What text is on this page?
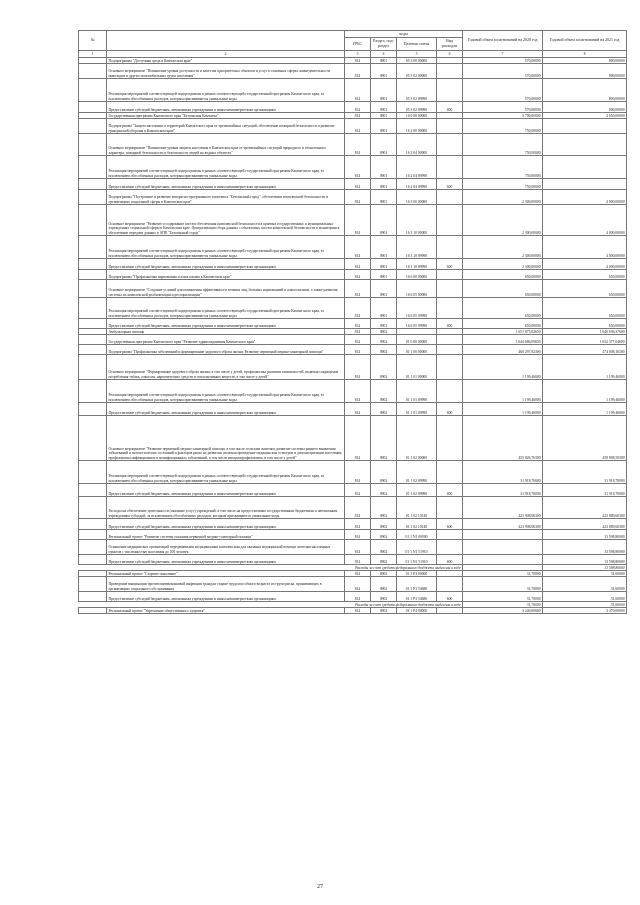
№		коды				Годовой объем ассигнований на 2020 год	Годовой объем ассигнований на 2021 год
		ГРБС	Раздел, под-раздел	Целевая статья	Вид расходов		
1	2	3	4	5	6	7	8
	Подпрограмма "Доступная среда в Камчатском крае"	814	0901	05 3 00 00000		570,00000	800,00000
	Основное мероприятие "Повышение уровня доступности и качества приоритетных объектов и услуг в основных сферах жизнедеятельности инвалидов и других маломобильных групп населения"	814	0901	05 3 02 00000		570,00000	800,00000
	Реализация мероприятий соответствующей подпрограммы в рамках соответствующей государственной программы Камчатского края, за исключением обособленных расходов, которым присваиваются уникальные коды	814	0901	05 3 02 09990		570,00000	800,00000
	Предоставление субсидий бюджетным, автономным учреждениям и иным некоммерческим организациям	814	0901	05 3 02 09990	600	570,00000	800,00000
	Государственная программа Камчатского края "Безопасная Камчатка"	814	0901	16 0 00 00000		3 700,00000	4 650,00000
	Подпрограмма "Защита населения и территорий Камчатского края от чрезвычайных ситуаций, обеспечение пожарной безопасности и развитие гражданской обороны в Камчатском крае"	814	0901	16 2 00 00000		750,00000	
	Основное мероприятие "Повышение уровня защиты населения в Камчатском крае от чрезвычайных ситуаций природного и техногенного характера, пожарной безопасности и безопасности людей на водных объектах"	814	0901	16 2 04 00000		750,00000	
	Реализация мероприятий соответствующей подпрограммы в рамках соответствующей государственной программы Камчатского края, за исключением обособленных расходов, которым присваиваются уникальные коды	814	0901	16 2 04 09990		750,00000	
	Предоставление субсидий бюджетным, автономным учреждениям и иным некоммерческим организациям	814	0901	16 2 04 09990	600	750,00000	
	Подпрограмма "Построение и развитие аппаратно-программного комплекса "Безопасный город", обеспечение комплексной безопасности в организациях социальной сферы в Камчатском крае"	814	0901	16 3 00 00000		2 300,00000	4 000,00000
	Основное мероприятие "Развитие и содержание систем обеспечения комплексной безопасности в краевых государственных и муниципальных учреждениях социальной сферы в Камчатском крае. Централизация сбора данных с объектовых систем комплексной безопасности и мониторинга, обеспечение передачи данных в АПК "Безопасный город"	814	0901	16 3 10 00000		2 300,00000	4 000,00000
	Реализация мероприятий соответствующей подпрограммы в рамках соответствующей государственной программы Камчатского края, за исключением обособленных расходов, которым присваиваются уникальные коды	814	0901	16 3 10 09990		2 300,00000	4 000,00000
	Предоставление субсидий бюджетным, автономным учреждениям и иным некоммерческим организациям	814	0901	16 3 10 09990	600	2 300,00000	4 000,00000
	Подпрограмма "Профилактика наркомании и алкоголизма в Камчатском крае"	814	0901	16 6 00 00000		650,00000	650,00000
	Основное мероприятие "Создание условий для повышения эффективности лечения лиц, больных наркоманией и алкоголизмом, а также развития системы их комплексной реабилитации и ресоциализации"	814	0901	16 6 05 00000		650,00000	650,00000
	Реализация мероприятий соответствующей подпрограммы в рамках соответствующей государственной программы Камчатского края, за исключением обособленных расходов, которым присваиваются уникальные коды	814	0901	16 6 05 09990		650,00000	650,00000
	Предоставление субсидий бюджетным, автономным учреждениям и иным некоммерческим организациям	814	0901	16 6 05 09990	600	650,00000	650,00000
	Амбулаторная помощь	814	0902			1 651 875,02650	1 640 036,37600
	Государственная программа Камчатского края "Развитие здравоохранения Камчатского края"	814	0902	01 0 00 00000		1 644 686,09650	1 632 377,04600
	Подпрограмма "Профилактика заболеваний и формирование здорового образа жизни. Развитие первичной медико-санитарной помощи"	814	0902	01 1 00 00000		460 297,92300	474 008,16300
	Основное мероприятие "Формирование здорового образа жизни, в том числе у детей, профилактика развития зависимостей, включая сокращение потребления табака, алкоголя, наркотических средств и психоактивных веществ, в том числе у детей"	814	0902	01 1 01 00000		1 199,46000	1 199,46000
	Реализация мероприятий соответствующей подпрограммы в рамках соответствующей государственной программы Камчатского края, за исключением обособленных расходов, которым присваиваются уникальные коды	814	0902	01 1 01 09990		1 199,46000	1 199,46000
	Предоставление субсидий бюджетным, автономным учреждениям и иным некоммерческим организациям	814	0902	01 1 01 09990	600	1 199,46000	1 199,46000
	Основное мероприятие "Развитие первичной медико-санитарной помощи, в том числе сельским жителям, развитие системы раннего выявления заболеваний и патологических состояний и факторов риска их развития, включая проведение медицинских осмотров и диспансеризации населения, профилактика инфекционных и неинфекционных заболеваний, в том числе иммунопрофилактика, в том числе у детей"	814	0902	01 1 02 00000		455 826,76300	458 808,50300
	Реализация мероприятий соответствующей подпрограммы в рамках соответствующей государственной программы Камчатского края, за исключением обособленных расходов, которым присваиваются уникальные коды	814	0902	01 1 02 09990		31 918,70000	31 918,70000
	Предоставление субсидий бюджетным, автономным учреждениям и иным некоммерческим организациям	814	0902	01 1 02 09990	600	31 918,70000	31 918,70000
	Расходы на обеспечение деятельности (оказание услуг) учреждений, в том числе на предоставление государственным бюджетным и автономным учреждениям субсидий, за исключением обособленных расходов, которым присваиваются уникальные коды	814	0902	01 1 02 10140		423 908,06300	423 889,60300
	Предоставление субсидий бюджетным, автономным учреждениям и иным некоммерческим организациям	814	0902	01 1 02 10140	600	423 908,06300	423 889,60300
	Региональный проект "Развитие системы оказания первичной медико-санитарной помощи"	814	0902	01 1 N1 00000			13 598,80000
	Оснащение медицинских организаций передвижными медицинскими комплексами для оказания медицинской помощи жителям населенных пунктов с численностью населения до 100 человек	814	0902	01 1 N1 51910			13 598,80000
	Предоставление субсидий бюджетным, автономным учреждениям и иным некоммерческим организациям	814	0902	01 1 N1 51910	600		13 598,80000
Расходы за счет средств федерального бюджета выделены в ходе							13 598,80000
	Региональный проект "Старшее поколение"	814	0902	01 1 P3 00000		31,70000	31,60000
	Проведение вакцинации против пневмококковой инфекции граждан старше трудоспособного возраста из групп риска, проживающих в организациях социального обслуживания	814	0902	01 1 P3 54680		31,70000	31,60000
	Предоставление субсидий бюджетным, автономным учреждениям и иным некоммерческим организациям	814	0902	01 1 P3 54680	600	31,70000	31,60000
Расходы за счет средств федерального бюджета выделены в ходе						31,70000	31,60000
	Региональный проект "Укрепление общественного здоровья"	814	0902	01 1 P4 00000		3 240,00000	3 370,00000
27
